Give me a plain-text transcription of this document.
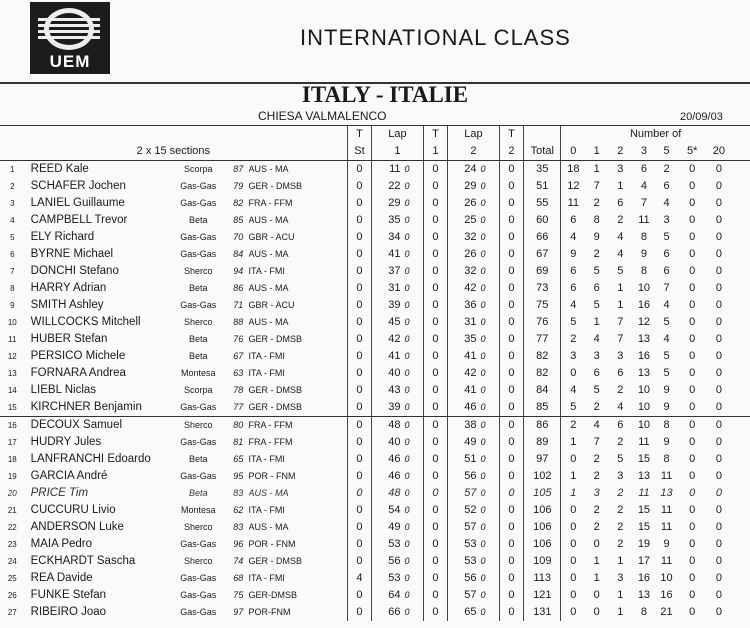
UEM
INTERNATIONAL CLASS
ITALY - ITALIE
CHIESA VALMALENCO	20/09/03
					T	Lap		T	Lap		T		Number of							
2 x 15 sections					St	1		1	2		2	Total	0	1	2	3	5	5*	20	
1	REED Kale	Scorpa	87	AUS - MA	0	11	0	0	24	0	0	35	18	1	3	6	2	0	0	
2	SCHAFER Jochen	Gas-Gas	79	GER - DMSB	0	22	0	0	29	0	0	51	12	7	1	4	6	0	0	
3	LANIEL Guillaume	Gas-Gas	82	FRA - FFM	0	29	0	0	26	0	0	55	11	2	6	7	4	0	0	
4	CAMPBELL Trevor	Beta	85	AUS - MA	0	35	0	0	25	0	0	60	6	8	2	11	3	0	0	
5	ELY Richard	Gas-Gas	70	GBR - ACU	0	34	0	0	32	0	0	66	4	9	4	8	5	0	0	
6	BYRNE Michael	Gas-Gas	84	AUS - MA	0	41	0	0	26	0	0	67	9	2	4	9	6	0	0	
7	DONCHI Stefano	Sherco	94	ITA - FMI	0	37	0	0	32	0	0	69	6	5	5	8	6	0	0	
8	HARRY Adrian	Beta	86	AUS - MA	0	31	0	0	42	0	0	73	6	6	1	10	7	0	0	
9	SMITH Ashley	Gas-Gas	71	GBR - ACU	0	39	0	0	36	0	0	75	4	5	1	16	4	0	0	
10	WILLCOCKS Mitchell	Sherco	88	AUS - MA	0	45	0	0	31	0	0	76	5	1	7	12	5	0	0	
11	HUBER Stefan	Beta	76	GER - DMSB	0	42	0	0	35	0	0	77	2	4	7	13	4	0	0	
12	PERSICO Michele	Beta	67	ITA - FMI	0	41	0	0	41	0	0	82	3	3	3	16	5	0	0	
13	FORNARA Andrea	Montesa	63	ITA - FMI	0	40	0	0	42	0	0	82	0	6	6	13	5	0	0	
14	LIEBL Niclas	Scorpa	78	GER - DMSB	0	43	0	0	41	0	0	84	4	5	2	10	9	0	0	
15	KIRCHNER Benjamin	Gas-Gas	77	GER - DMSB	0	39	0	0	46	0	0	85	5	2	4	10	9	0	0	
16	DECOUX Samuel	Sherco	80	FRA - FFM	0	48	0	0	38	0	0	86	2	4	6	10	8	0	0	
17	HUDRY Jules	Gas-Gas	81	FRA - FFM	0	40	0	0	49	0	0	89	1	7	2	11	9	0	0	
18	LANFRANCHI Edoardo	Beta	65	ITA - FMI	0	46	0	0	51	0	0	97	0	2	5	15	8	0	0	
19	GARCIA André	Gas-Gas	95	POR - FNM	0	46	0	0	56	0	0	102	1	2	3	13	11	0	0	
20	PRICE Tim	Beta	83	AUS - MA	0	48	0	0	57	0	0	105	1	3	2	11	13	0	0	
21	CUCCURU Livio	Montesa	62	ITA - FMI	0	54	0	0	52	0	0	106	0	2	2	15	11	0	0	
22	ANDERSON Luke	Sherco	83	AUS - MA	0	49	0	0	57	0	0	106	0	2	2	15	11	0	0	
23	MAIA Pedro	Gas-Gas	96	POR - FNM	0	53	0	0	53	0	0	106	0	0	2	19	9	0	0	
24	ECKHARDT Sascha	Sherco	74	GER - DMSB	0	56	0	0	53	0	0	109	0	1	1	17	11	0	0	
25	REA Davide	Gas-Gas	68	ITA - FMI	4	53	0	0	56	0	0	113	0	1	3	16	10	0	0	
26	FUNKE Stefan	Gas-Gas	75	GER-DMSB	0	64	0	0	57	0	0	121	0	0	1	13	16	0	0	
27	RIBEIRO Joao	Gas-Gas	97	POR-FNM	0	66	0	0	65	0	0	131	0	0	1	8	21	0	0	
